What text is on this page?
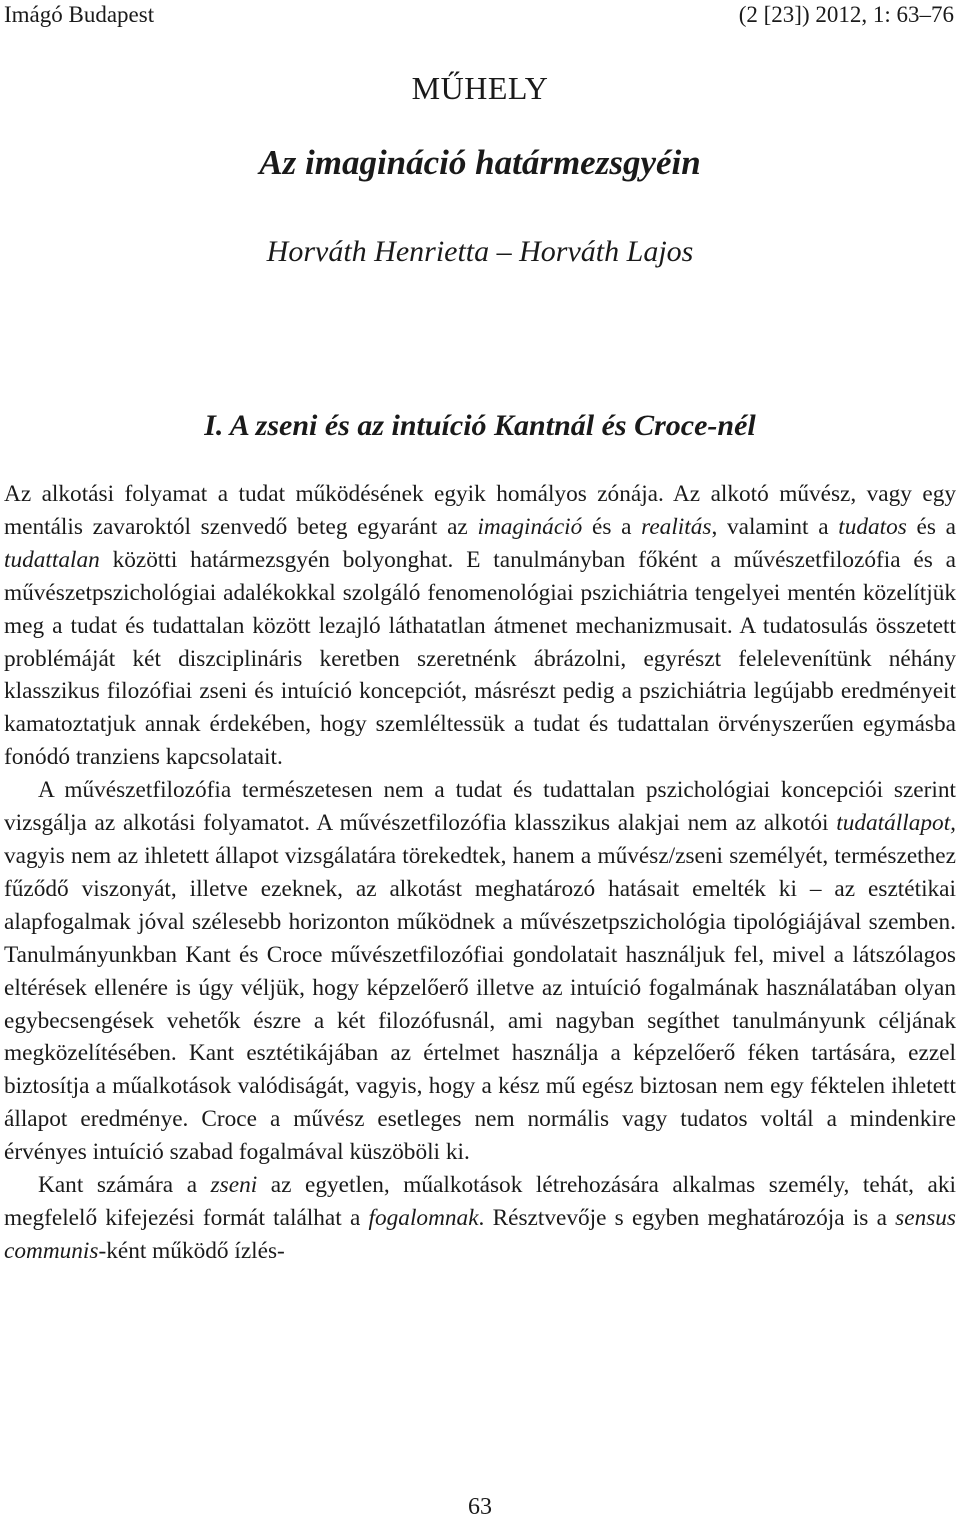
Imágó Budapest	(2 [23]) 2012, 1: 63–76
MŰHELY
Az imagináció határmezsgyéin
Horváth Henrietta – Horváth Lajos
I. A zseni és az intuíció Kantnál és Croce-nél

Az alkotási folyamat a tudat működésének egyik homályos zónája. Az alkotó művész, vagy egy mentális zavaroktól szenvedő beteg egyaránt az imagináció és a realitás, valamint a tudatos és a tudattalan közötti határmezsgyén bolyonghat. E tanulmányban főként a művészetfilozófia és a művészetpszichológiai adalékokkal szolgáló fenomenológiai pszichiátria tengelyei mentén közelítjük meg a tudat és tudattalan között lezajló láthatatlan átmenet mechanizmusait. A tudatosulás összetett problémáját két diszciplináris keretben szeretnénk ábrázolni, egyrészt felelevenítünk néhány klasszikus filozófiai zseni és intuíció koncepciót, másrészt pedig a pszichiátria legújabb eredményeit kamatoztatjuk annak érdekében, hogy szemléltessük a tudat és tudattalan örvényszerűen egymásba fonódó tranziens kapcsolatait.

A művészetfilozófia természetesen nem a tudat és tudattalan pszichológiai koncepciói szerint vizsgálja az alkotási folyamatot. A művészetfilozófia klasszikus alakjai nem az alkotói tudatállapot, vagyis nem az ihletett állapot vizsgálatára törekedtek, hanem a művész/zseni személyét, természethez fűződő viszonyát, illetve ezeknek, az alkotást meghatározó hatásait emelték ki – az esztétikai alapfogalmak jóval szélesebb horizonton működnek a művészetpszichológia tipológiájával szemben. Tanulmányunkban Kant és Croce művészetfilozófiai gondolatait használjuk fel, mivel a látszólagos eltérések ellenére is úgy véljük, hogy képzelőerő illetve az intuíció fogalmának használatában olyan egybecsengések vehetők észre a két filozófusnál, ami nagyban segíthet tanulmányunk céljának megközelítésében. Kant esztétikájában az értelmet használja a képzelőerő féken tartására, ezzel biztosítja a műalkotások valódiságát, vagyis, hogy a kész mű egész biztosan nem egy féktelen ihletett állapot eredménye. Croce a művész esetleges nem normális vagy tudatos voltál a mindenkire érvényes intuíció szabad fogalmával küszöböli ki.

Kant számára a zseni az egyetlen, műalkotások létrehozására alkalmas személy, tehát, aki megfelelő kifejezési formát találhat a fogalomnak. Résztvevője s egyben meghatározója is a sensus communis-ként működő ízlés-

63
